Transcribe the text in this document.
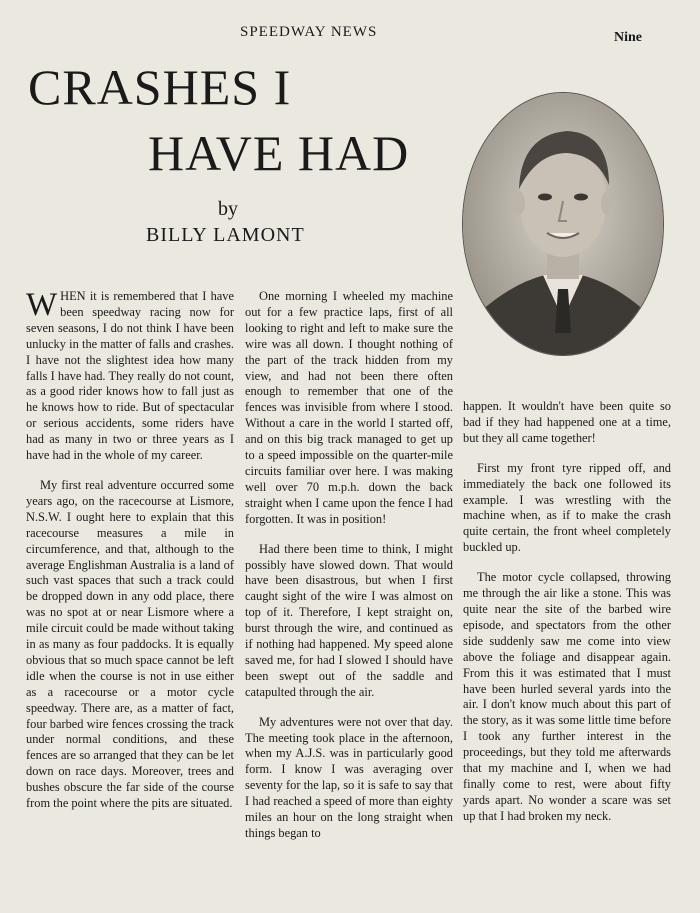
SPEEDWAY NEWS	Nine
CRASHES I
HAVE HAD
by
BILLY LAMONT

WHEN it is remembered that I have been speedway racing now for seven seasons, I do not think I have been unlucky in the matter of falls and crashes. I have not the slightest idea how many falls I have had. They really do not count, as a good rider knows how to fall just as he knows how to ride. But of spectacular or serious accidents, some riders have had as many in two or three years as I have had in the whole of my career.

My first real adventure occurred some years ago, on the racecourse at Lismore, N.S.W. I ought here to explain that this racecourse measures a mile in circumference, and that, although to the average Englishman Australia is a land of such vast spaces that such a track could be dropped down in any odd place, there was no spot at or near Lismore where a mile circuit could be made without taking in as many as four paddocks. It is equally obvious that so much space cannot be left idle when the course is not in use either as a racecourse or a motor cycle speedway. There are, as a matter of fact, four barbed wire fences crossing the track under normal conditions, and these fences are so arranged that they can be let down on race days. Moreover, trees and bushes obscure the far side of the course from the point where the pits are situated.

One morning I wheeled my machine out for a few practice laps, first of all looking to right and left to make sure the wire was all down. I thought nothing of the part of the track hidden from my view, and had not been there often enough to remember that one of the fences was invisible from where I stood. Without a care in the world I started off, and on this big track managed to get up to a speed impossible on the quarter-mile circuits familiar over here. I was making well over 70 m.p.h. down the back straight when I came upon the fence I had forgotten. It was in position!

Had there been time to think, I might possibly have slowed down. That would have been disastrous, but when I first caught sight of the wire I was almost on top of it. Therefore, I kept straight on, burst through the wire, and continued as if nothing had happened. My speed alone saved me, for had I slowed I should have been swept out of the saddle and catapulted through the air.

My adventures were not over that day. The meeting took place in the afternoon, when my A.J.S. was in particularly good form. I know I was averaging over seventy for the lap, so it is safe to say that I had reached a speed of more than eighty miles an hour on the long straight when things began to

happen. It wouldn't have been quite so bad if they had happened one at a time, but they all came together!

First my front tyre ripped off, and immediately the back one followed its example. I was wrestling with the machine when, as if to make the crash quite certain, the front wheel completely buckled up.

The motor cycle collapsed, throwing me through the air like a stone. This was quite near the site of the barbed wire episode, and spectators from the other side suddenly saw me come into view above the foliage and disappear again. From this it was estimated that I must have been hurled several yards into the air. I don't know much about this part of the story, as it was some little time before I took any further interest in the proceedings, but they told me afterwards that my machine and I, when we had finally come to rest, were about fifty yards apart. No wonder a scare was set up that I had broken my neck.
